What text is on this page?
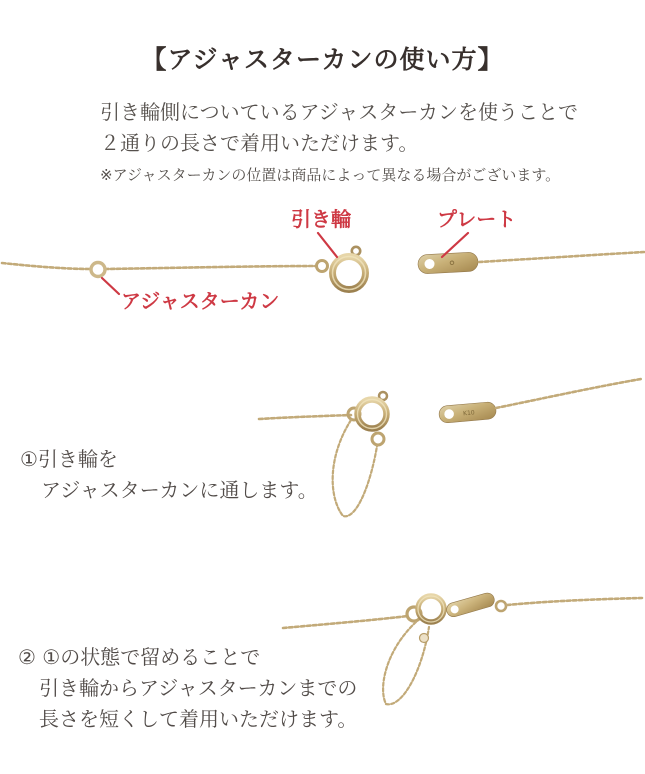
【アジャスターカンの使い方】
引き輪側についているアジャスターカンを使うことで
２通りの長さで着用いただけます。
※アジャスターカンの位置は商品によって異なる場合がございます。
引き輪	プレート
アジャスターカン
K10
①引き輪を
アジャスターカンに通します。
② ①の状態で留めることで
引き輪からアジャスターカンまでの
長さを短くして着用いただけます。
